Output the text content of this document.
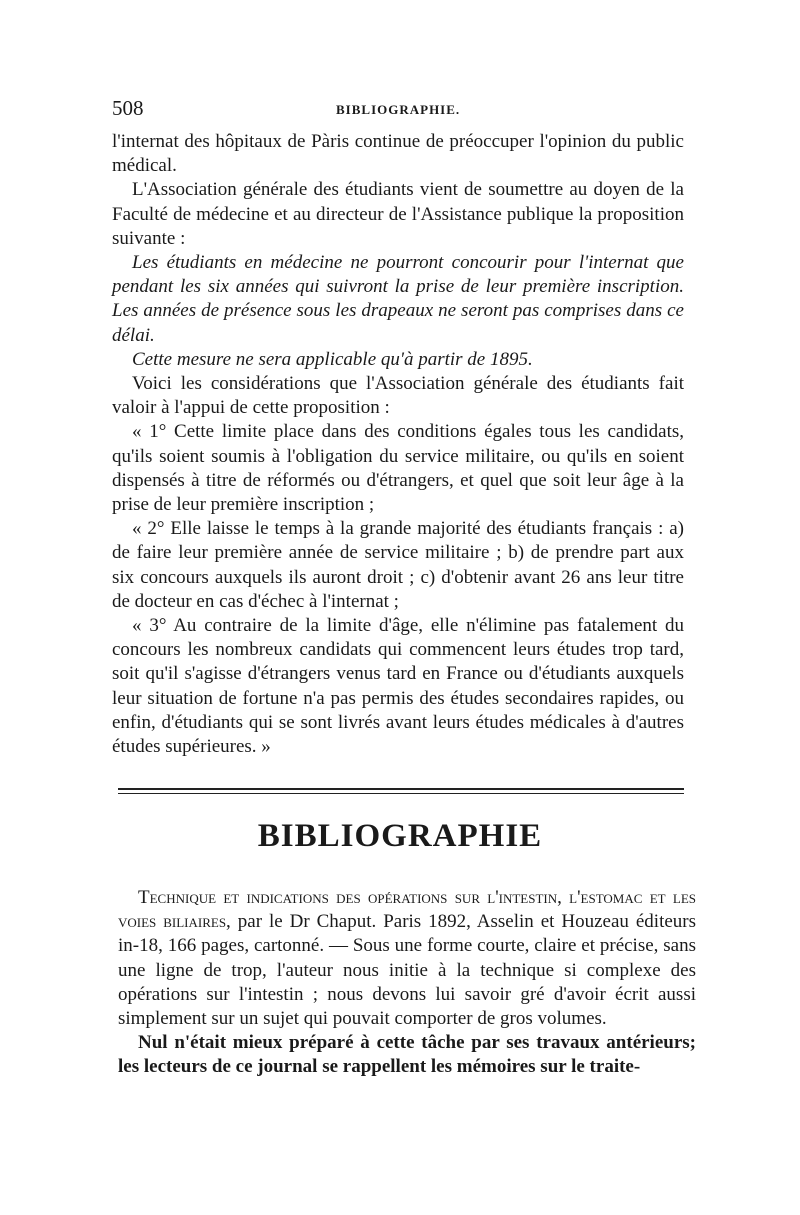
508	BIBLIOGRAPHIE.

l'internat des hôpitaux de Pàris continue de préoccuper l'opinion du public médical.

L'Association générale des étudiants vient de soumettre au doyen de la Faculté de médecine et au directeur de l'Assistance publique la proposition suivante :

Les étudiants en médecine ne pourront concourir pour l'internat que pendant les six années qui suivront la prise de leur première inscription. Les années de présence sous les drapeaux ne seront pas comprises dans ce délai.

Cette mesure ne sera applicable qu'à partir de 1895.

Voici les considérations que l'Association générale des étudiants fait valoir à l'appui de cette proposition :

« 1° Cette limite place dans des conditions égales tous les candidats, qu'ils soient soumis à l'obligation du service militaire, ou qu'ils en soient dispensés à titre de réformés ou d'étrangers, et quel que soit leur âge à la prise de leur première inscription ;

« 2° Elle laisse le temps à la grande majorité des étudiants français : a) de faire leur première année de service militaire ; b) de prendre part aux six concours auxquels ils auront droit ; c) d'obtenir avant 26 ans leur titre de docteur en cas d'échec à l'internat ;

« 3° Au contraire de la limite d'âge, elle n'élimine pas fatalement du concours les nombreux candidats qui commencent leurs études trop tard, soit qu'il s'agisse d'étrangers venus tard en France ou d'étudiants auxquels leur situation de fortune n'a pas permis des études secondaires rapides, ou enfin, d'étudiants qui se sont livrés avant leurs études médicales à d'autres études supérieures. »

BIBLIOGRAPHIE

Technique et indications des opérations sur l'intestin, l'estomac et les voies biliaires, par le Dr Chaput. Paris 1892, Asselin et Houzeau éditeurs in-18, 166 pages, cartonné. — Sous une forme courte, claire et précise, sans une ligne de trop, l'auteur nous initie à la technique si complexe des opérations sur l'intestin ; nous devons lui savoir gré d'avoir écrit aussi simplement sur un sujet qui pouvait comporter de gros volumes.

Nul n'était mieux préparé à cette tâche par ses travaux antérieurs; les lecteurs de ce journal se rappellent les mémoires sur le traite-
